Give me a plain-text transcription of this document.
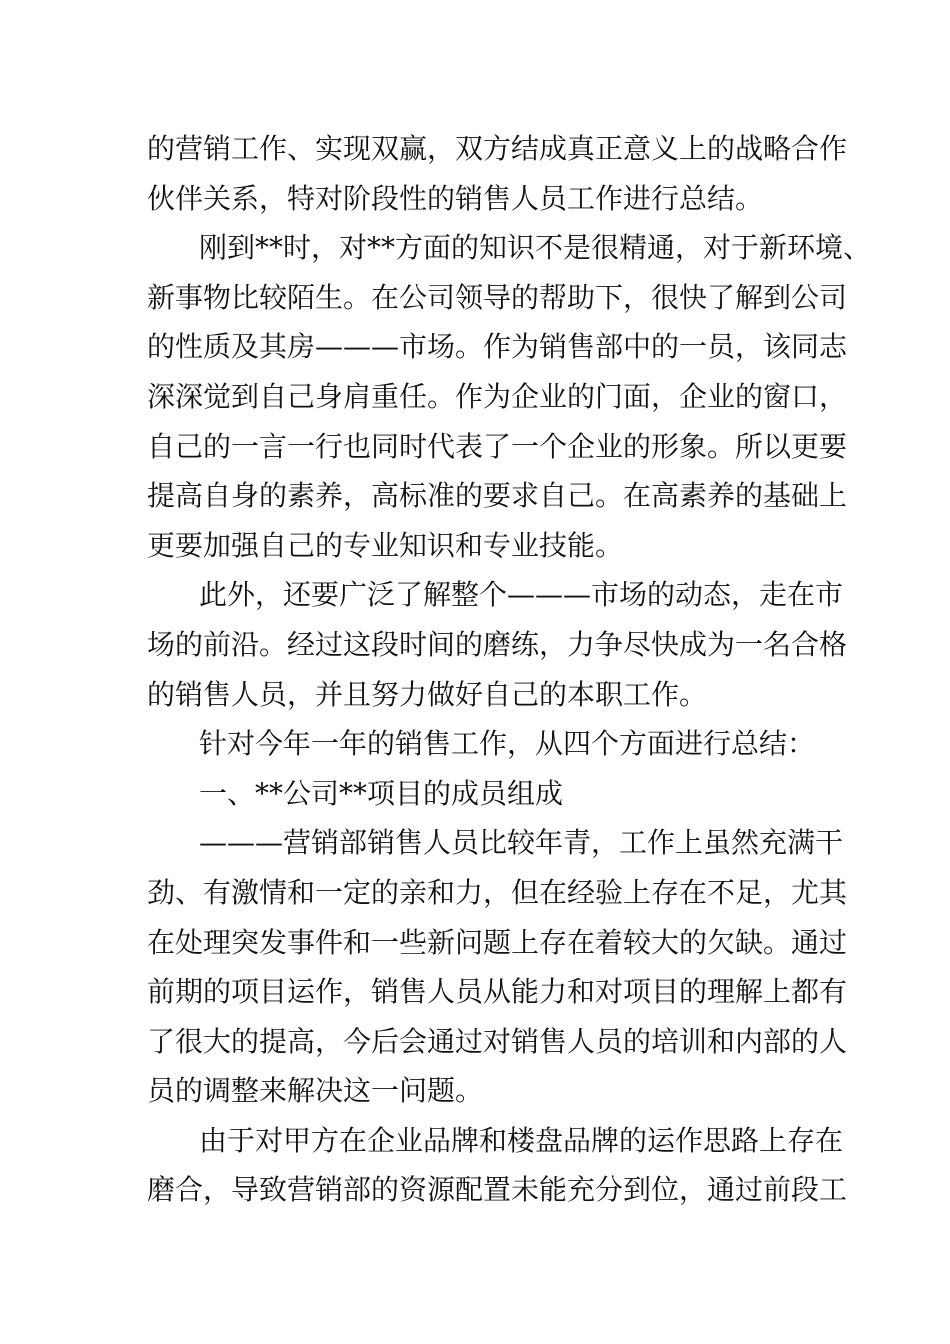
的营销工作、实现双赢，双方结成真正意义上的战略合作
伙伴关系，特对阶段性的销售人员工作进行总结。
刚到**时，对**方面的知识不是很精通，对于新环境、
新事物比较陌生。在公司领导的帮助下，很快了解到公司
的性质及其房———市场。作为销售部中的一员，该同志
深深觉到自己身肩重任。作为企业的门面，企业的窗口，
自己的一言一行也同时代表了一个企业的形象。所以更要
提高自身的素养，高标准的要求自己。在高素养的基础上
更要加强自己的专业知识和专业技能。
此外，还要广泛了解整个———市场的动态，走在市
场的前沿。经过这段时间的磨练，力争尽快成为一名合格
的销售人员，并且努力做好自己的本职工作。
针对今年一年的销售工作，从四个方面进行总结：
一、**公司**项目的成员组成
———营销部销售人员比较年青，工作上虽然充满干
劲、有激情和一定的亲和力，但在经验上存在不足，尤其
在处理突发事件和一些新问题上存在着较大的欠缺。通过
前期的项目运作，销售人员从能力和对项目的理解上都有
了很大的提高，今后会通过对销售人员的培训和内部的人
员的调整来解决这一问题。
由于对甲方在企业品牌和楼盘品牌的运作思路上存在
磨合，导致营销部的资源配置未能充分到位，通过前段工
